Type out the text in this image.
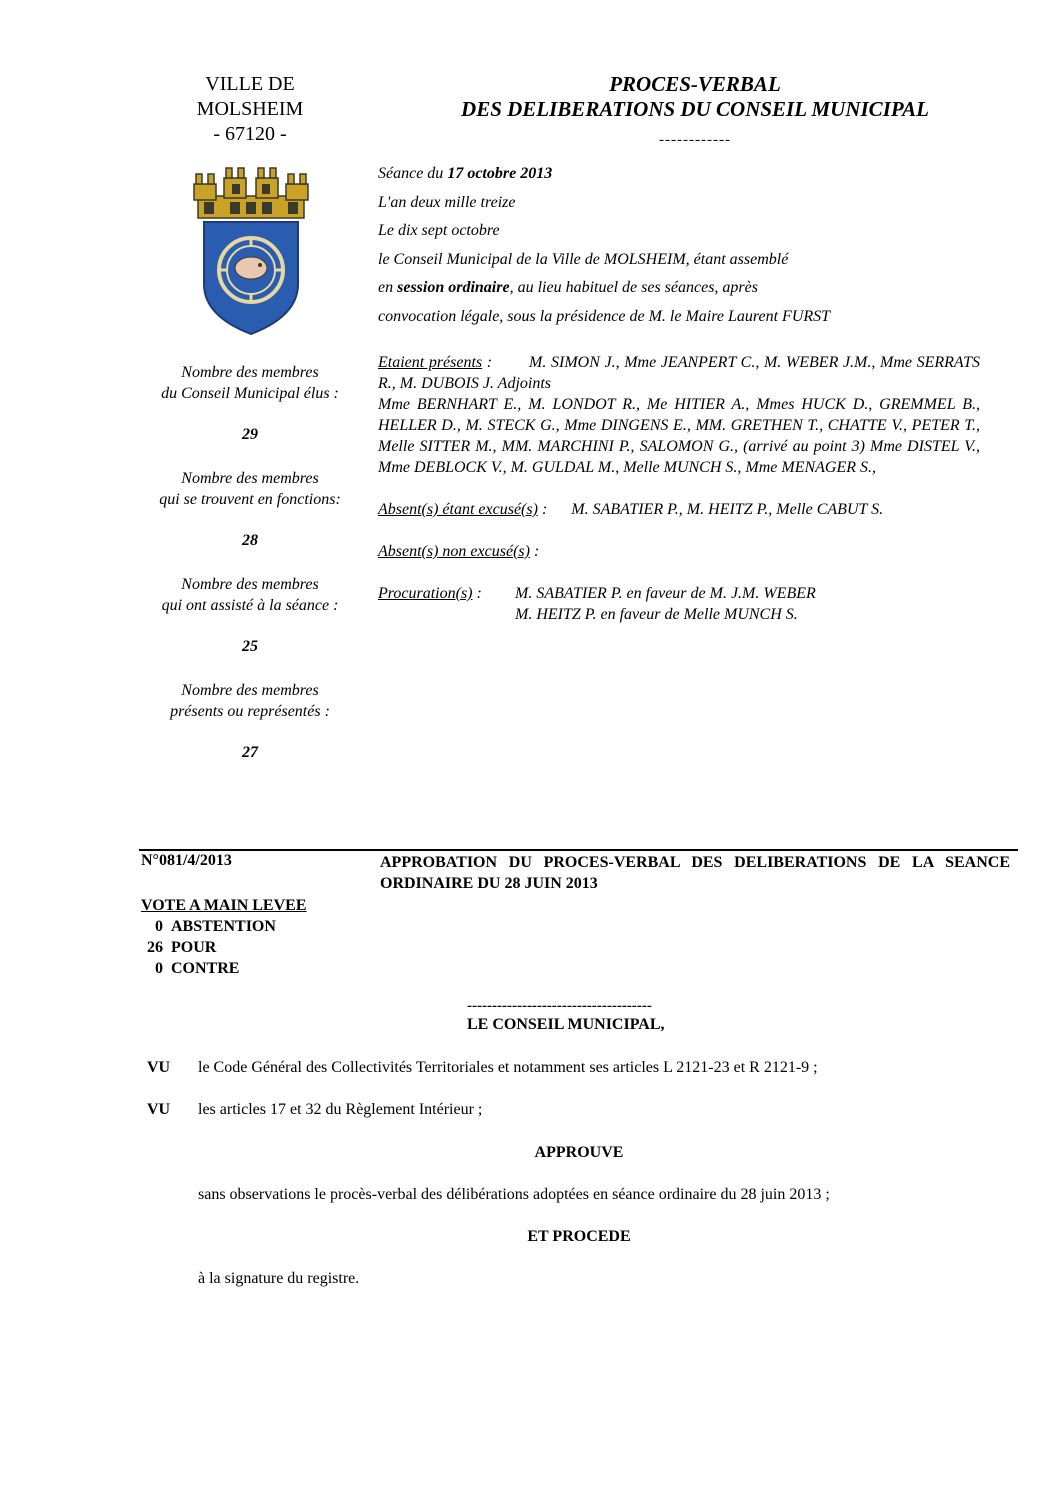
VILLE DE
MOLSHEIM
- 67120 -
PROCES-VERBAL
DES DELIBERATIONS DU CONSEIL MUNICIPAL
------------
Séance du 17 octobre 2013
L'an deux mille treize
Le dix sept octobre
le Conseil Municipal de la Ville de MOLSHEIM, étant assemblé
en session ordinaire, au lieu habituel de ses séances, après
convocation légale, sous la présidence de M. le Maire Laurent FURST
Nombre des membres
du Conseil Municipal élus :
29
Nombre des membres
qui se trouvent en fonctions:
28
Nombre des membres
qui ont assisté à la séance :
25
Nombre des membres
présents ou représentés :
27
Etaient présents : M. SIMON J., Mme JEANPERT C., M. WEBER J.M., Mme SERRATS R., M. DUBOIS J. Adjoints
Mme BERNHART E., M. LONDOT R., Me HITIER A., Mmes HUCK D., GREMMEL B., HELLER D., M. STECK G., Mme DINGENS E., MM. GRETHEN T., CHATTE V., PETER T., Melle SITTER M., MM. MARCHINI P., SALOMON G., (arrivé au point 3) Mme DISTEL V., Mme DEBLOCK V., M. GULDAL M., Melle MUNCH S., Mme MENAGER S.,
Absent(s) étant excusé(s) : M. SABATIER P., M. HEITZ P., Melle CABUT S.
Absent(s) non excusé(s) :
Procuration(s) :	M. SABATIER P. en faveur de M. J.M. WEBER
M. HEITZ P. en faveur de Melle MUNCH S.
N°081/4/2013	APPROBATION DU PROCES-VERBAL DES DELIBERATIONS DE LA SEANCE ORDINAIRE DU 28 JUIN 2013
VOTE A MAIN LEVEE
0 ABSTENTION
26 POUR
0 CONTRE
-------------------------------------
LE CONSEIL MUNICIPAL,
VU le Code Général des Collectivités Territoriales et notamment ses articles L 2121-23 et R 2121-9 ;
VU les articles 17 et 32 du Règlement Intérieur ;
APPROUVE
sans observations le procès-verbal des délibérations adoptées en séance ordinaire du 28 juin 2013 ;
ET PROCEDE
à la signature du registre.
